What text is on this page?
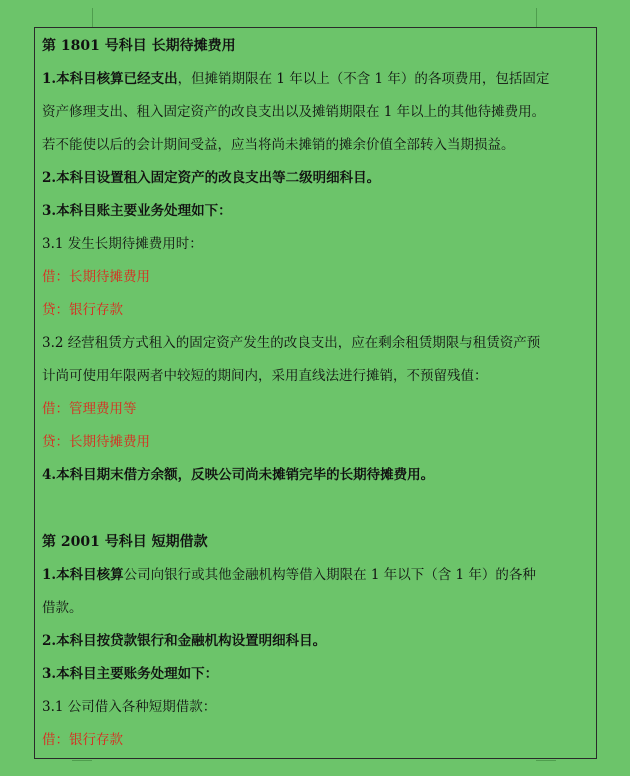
第 1801 号科目 长期待摊费用
1.本科目核算已经支出，但摊销期限在 1 年以上（不含 1 年）的各项费用，包括固定
资产修理支出、租入固定资产的改良支出以及摊销期限在 1 年以上的其他待摊费用。
若不能使以后的会计期间受益，应当将尚未摊销的摊余价值全部转入当期损益。
2.本科目设置租入固定资产的改良支出等二级明细科目。
3.本科目账主要业务处理如下：
3.1 发生长期待摊费用时：
借：长期待摊费用
贷：银行存款
3.2 经营租赁方式租入的固定资产发生的改良支出，应在剩余租赁期限与租赁资产预
计尚可使用年限两者中较短的期间内，采用直线法进行摊销，不预留残值：
借：管理费用等
贷：长期待摊费用
4.本科目期末借方余额，反映公司尚未摊销完毕的长期待摊费用。
第 2001 号科目 短期借款
1.本科目核算公司向银行或其他金融机构等借入期限在 1 年以下（含 1 年）的各种
借款。
2.本科目按贷款银行和金融机构设置明细科目。
3.本科目主要账务处理如下：
3.1 公司借入各种短期借款：
借：银行存款
